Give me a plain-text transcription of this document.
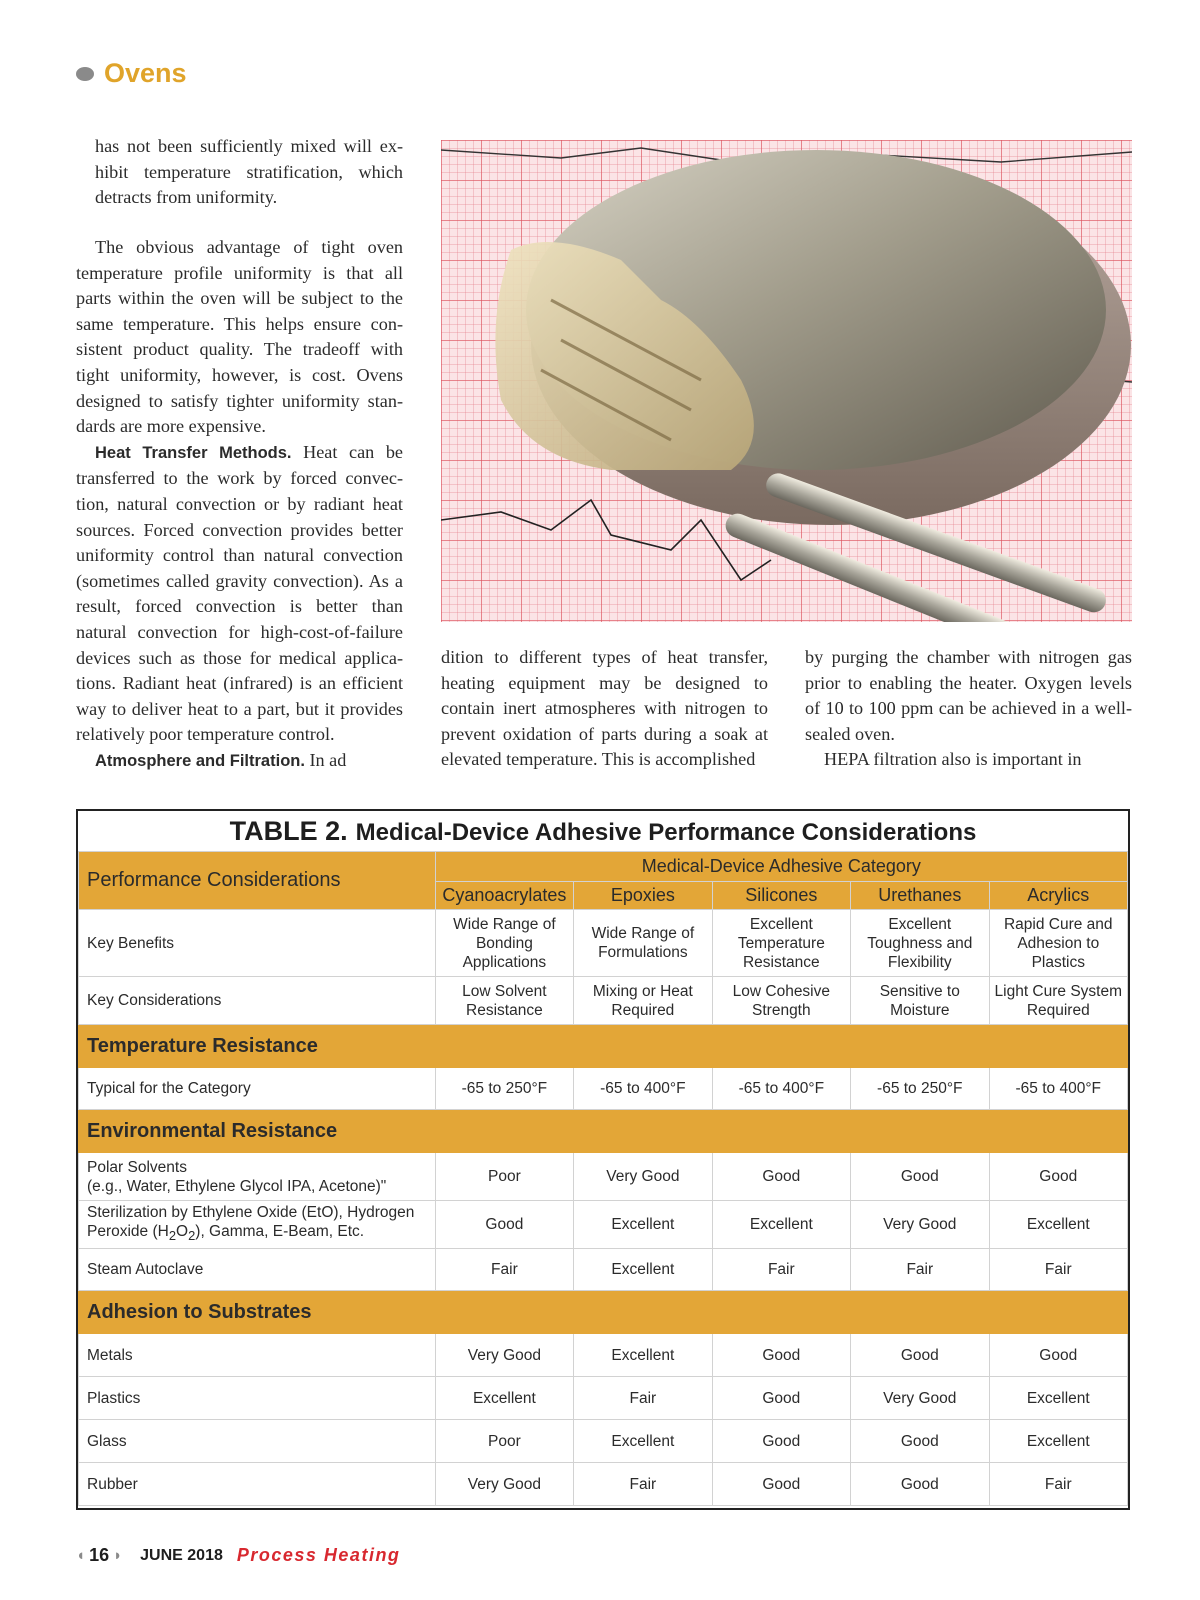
Ovens

has not been sufficiently mixed will exhibit temperature stratification, which detracts from uniformity.

The obvious advantage of tight oven temperature profile uniformity is that all parts within the oven will be subject to the same temperature. This helps ensure consistent product quality. The tradeoff with tight uniformity, however, is cost. Ovens designed to satisfy tighter uniformity standards are more expensive.

Heat Transfer Methods. Heat can be transferred to the work by forced convection, natural convection or by radiant heat sources. Forced convection provides better uniformity control than natural convection (sometimes called gravity convection). As a result, forced convection is better than natural convection for high-cost-of-failure devices such as those for medical applications. Radiant heat (infrared) is an efficient way to deliver heat to a part, but it provides relatively poor temperature control.

Atmosphere and Filtration. In ad

dition to different types of heat transfer, heating equipment may be designed to contain inert atmospheres with nitrogen to prevent oxidation of parts during a soak at elevated temperature. This is accomplished

by purging the chamber with nitrogen gas prior to enabling the heater. Oxygen levels of 10 to 100 ppm can be achieved in a well-sealed oven.

HEPA filtration also is important in

TABLE 2. Medical-Device Adhesive Performance Considerations
Performance Considerations	Medical-Device Adhesive Category				
	Cyanoacrylates	Epoxies	Silicones	Urethanes	Acrylics
Key Benefits	Wide Range of Bonding Applications	Wide Range of Formulations	Excellent Temperature Resistance	Excellent Toughness and Flexibility	Rapid Cure and Adhesion to Plastics
Key Considerations	Low Solvent Resistance	Mixing or Heat Required	Low Cohesive Strength	Sensitive to Moisture	Light Cure System Required
Temperature Resistance					
Typical for the Category	-65 to 250°F	-65 to 400°F	-65 to 400°F	-65 to 250°F	-65 to 400°F
Environmental Resistance					
Polar Solvents
(e.g., Water, Ethylene Glycol IPA, Acetone)"	Poor	Very Good	Good	Good	Good
Sterilization by Ethylene Oxide (EtO), Hydrogen
Peroxide $(H_2O_2)$, Gamma, E-Beam, Etc.	Good	Excellent	Excellent	Very Good	Excellent
Steam Autoclave	Fair	Excellent	Fair	Fair	Fair
Adhesion to Substrates					
Metals	Very Good	Excellent	Good	Good	Good
Plastics	Excellent	Fair	Good	Very Good	Excellent
Glass	Poor	Excellent	Good	Good	Excellent
Rubber	Very Good	Fair	Good	Good	Fair
◖ 16 ◗ JUNE 2018 Process Heating
